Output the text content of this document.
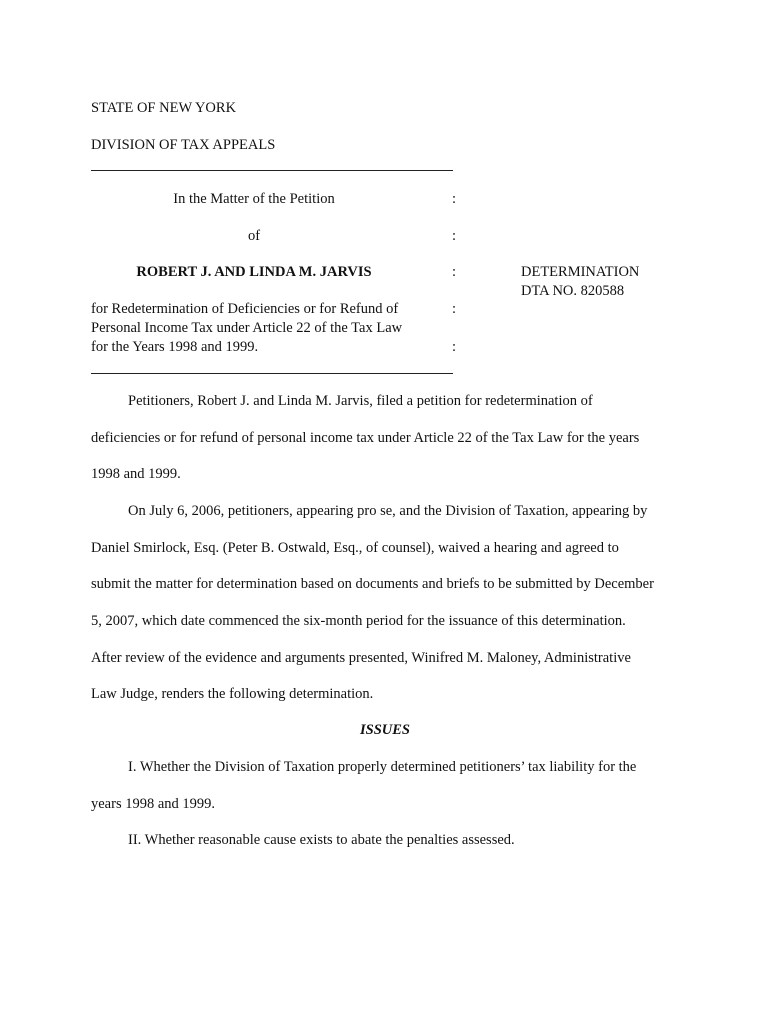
STATE OF NEW YORK
DIVISION OF TAX APPEALS
In the Matter of the Petition	:
of	:
ROBERT J. AND LINDA M. JARVIS	:	DETERMINATION
DTA NO. 820588
for Redetermination of Deficiencies or for Refund of	:
Personal Income Tax under Article 22 of the Tax Law
for the Years 1998 and 1999.	:
Petitioners, Robert J. and Linda M. Jarvis, filed a petition for redetermination of
deficiencies or for refund of personal income tax under Article 22 of the Tax Law for the years
1998 and 1999.
On July 6, 2006, petitioners, appearing pro se, and the Division of Taxation, appearing by
Daniel Smirlock, Esq. (Peter B. Ostwald, Esq., of counsel), waived a hearing and agreed to
submit the matter for determination based on documents and briefs to be submitted by December
5, 2007, which date commenced the six-month period for the issuance of this determination.
After review of the evidence and arguments presented, Winifred M. Maloney, Administrative
Law Judge, renders the following determination.
ISSUES
I. Whether the Division of Taxation properly determined petitioners’ tax liability for the
years 1998 and 1999.
II. Whether reasonable cause exists to abate the penalties assessed.
